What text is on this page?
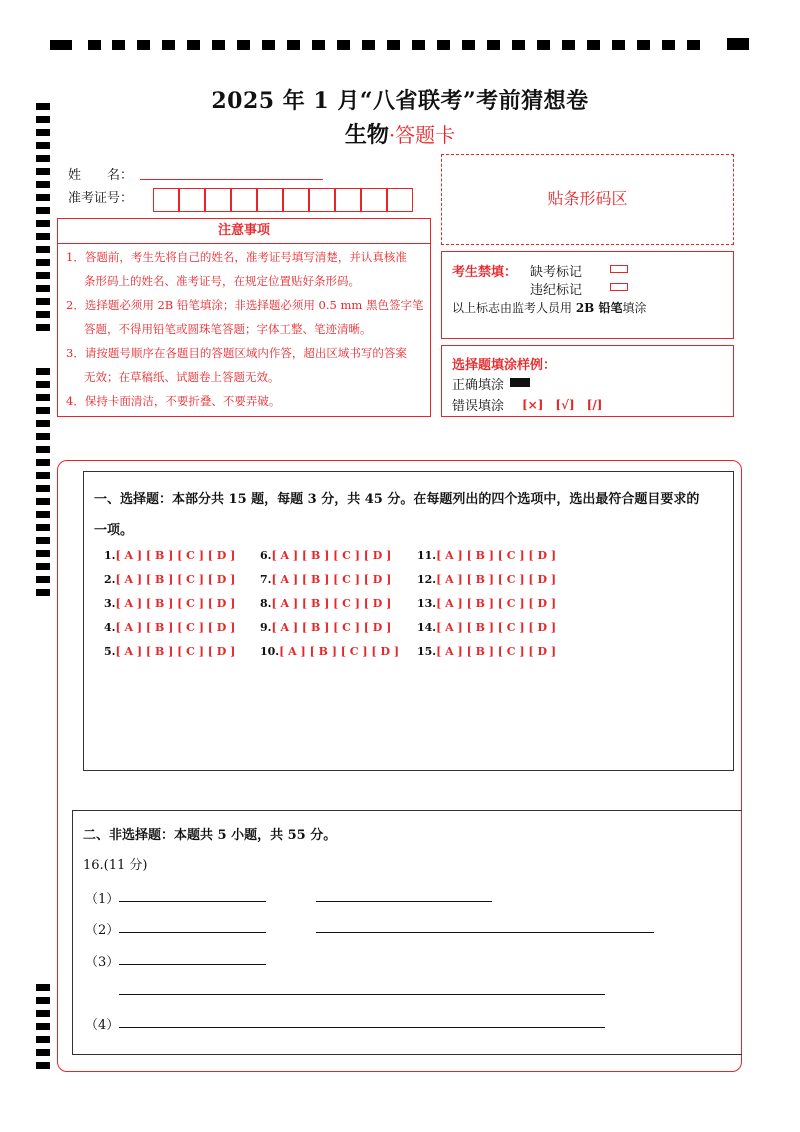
2025 年 1 月“八省联考”考前猜想卷
生物·答题卡
姓　　名：
准考证号：	贴条形码区
注意事项
1．答题前，考生先将自己的姓名，准考证号填写清楚，并认真核准
条形码上的姓名、准考证号，在规定位置贴好条形码。
2．选择题必须用 2B 铅笔填涂；非选择题必须用 0.5 mm 黑色签字笔
答题，不得用铅笔或圆珠笔答题；字体工整、笔迹清晰。
3．请按题号顺序在各题目的答题区域内作答，超出区域书写的答案
无效；在草稿纸、试题卷上答题无效。
4．保持卡面清洁，不要折叠、不要弄破。
考生禁填： 缺考标记
违纪标记
以上标志由监考人员用 2B 铅笔填涂
选择题填涂样例：
正确填涂
错误填涂 [×]　[√]　[/]
一、选择题：本部分共 15 题，每题 3 分，共 45 分。在每题列出的四个选项中，选出最符合题目要求的
一项。
1.[ A ] [ B ] [ C ] [ D ]
2.[ A ] [ B ] [ C ] [ D ]
3.[ A ] [ B ] [ C ] [ D ]
4.[ A ] [ B ] [ C ] [ D ]
5.[ A ] [ B ] [ C ] [ D ]
6.[ A ] [ B ] [ C ] [ D ]
7.[ A ] [ B ] [ C ] [ D ]
8.[ A ] [ B ] [ C ] [ D ]
9.[ A ] [ B ] [ C ] [ D ]
10.[ A ] [ B ] [ C ] [ D ]
11.[ A ] [ B ] [ C ] [ D ]
12.[ A ] [ B ] [ C ] [ D ]
13.[ A ] [ B ] [ C ] [ D ]
14.[ A ] [ B ] [ C ] [ D ]
15.[ A ] [ B ] [ C ] [ D ]
二、非选择题：本题共 5 小题，共 55 分。
16.(11 分)
（1）
（2）
（3）
（4）
